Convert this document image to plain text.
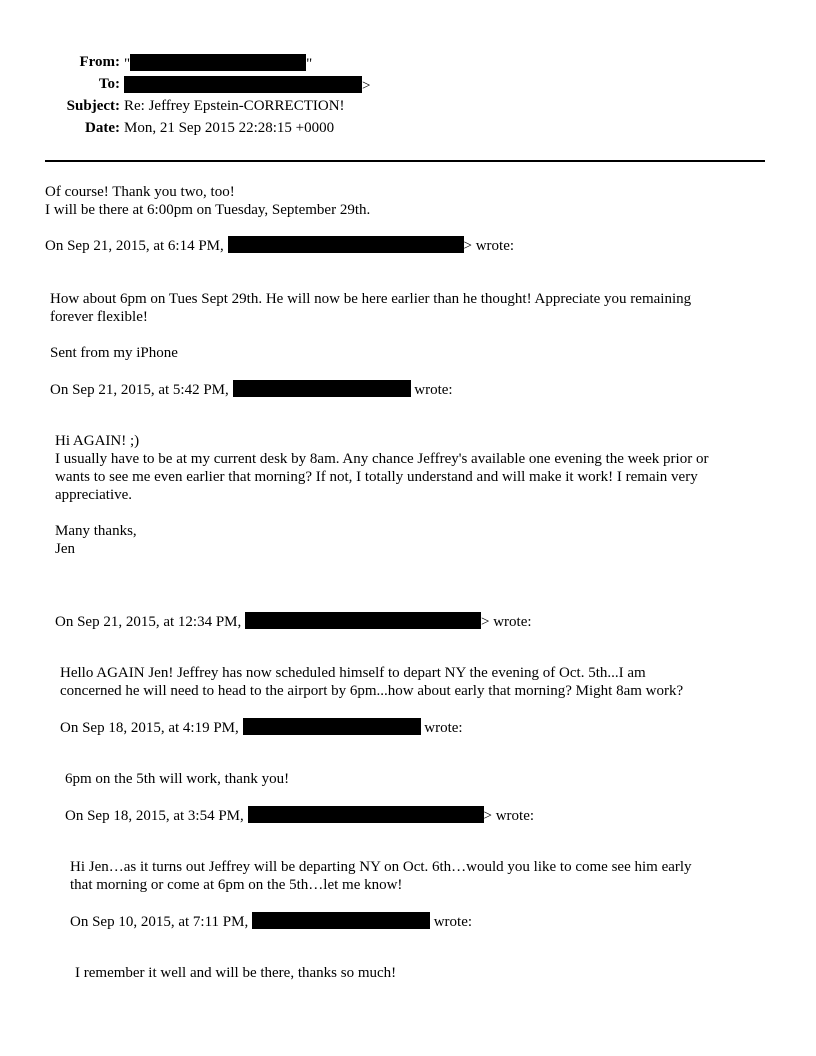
From: "	"
To:	>
Subject: Re: Jeffrey Epstein-CORRECTION!
Date: Mon, 21 Sep 2015 22:28:15 +0000
Of course! Thank you two, too!
I will be there at 6:00pm on Tuesday, September 29th.
On Sep 21, 2015, at 6:14 PM,	> wrote:
How about 6pm on Tues Sept 29th. He will now be here earlier than he thought! Appreciate you remaining
forever flexible!
Sent from my iPhone
On Sep 21, 2015, at 5:42 PM,	wrote:
Hi AGAIN! ;)
I usually have to be at my current desk by 8am. Any chance Jeffrey's available one evening the week prior or
wants to see me even earlier that morning? If not, I totally understand and will make it work! I remain very
appreciative.
Many thanks,
Jen
On Sep 21, 2015, at 12:34 PM,	> wrote:
Hello AGAIN Jen! Jeffrey has now scheduled himself to depart NY the evening of Oct. 5th...I am
concerned he will need to head to the airport by 6pm...how about early that morning? Might 8am work?
On Sep 18, 2015, at 4:19 PM,	wrote:
6pm on the 5th will work, thank you!
On Sep 18, 2015, at 3:54 PM,	> wrote:
Hi Jen…as it turns out Jeffrey will be departing NY on Oct. 6th…would you like to come see him early
that morning or come at 6pm on the 5th…let me know!
On Sep 10, 2015, at 7:11 PM,	wrote:
I remember it well and will be there, thanks so much!
